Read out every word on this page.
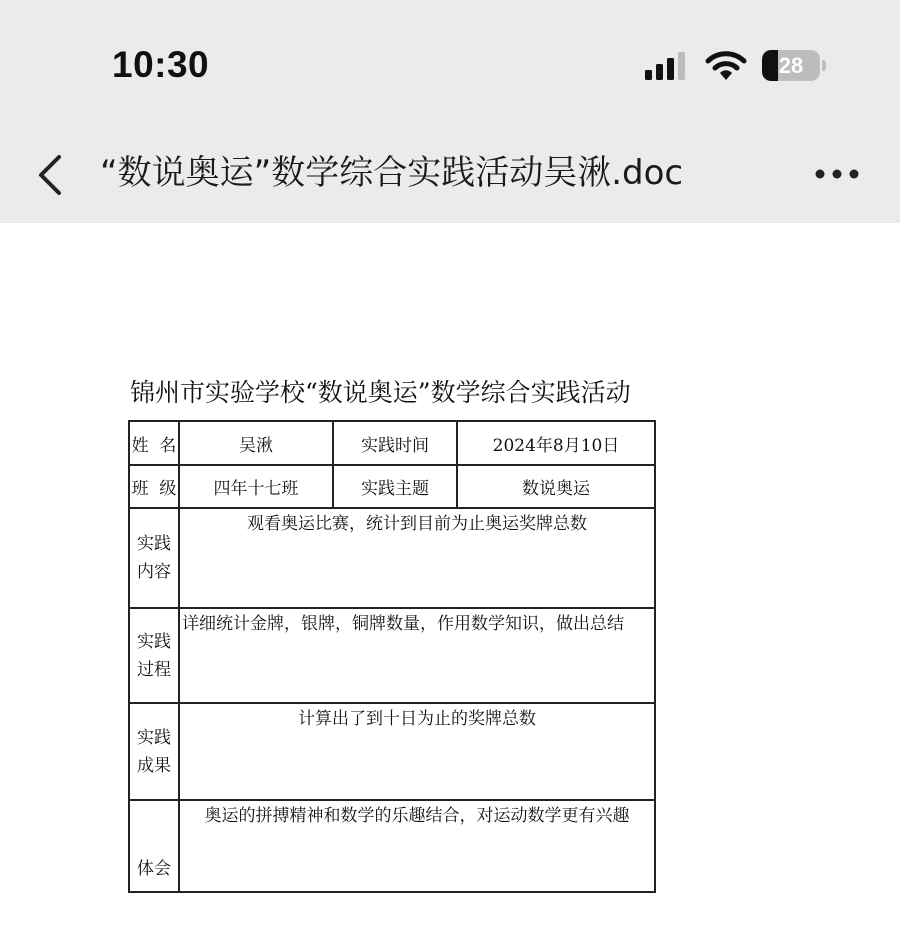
10:30	28
“数说奥运”数学综合实践活动吴湫.doc
锦州市实验学校“数说奥运”数学综合实践活动
姓  名	吴湫	实践时间	2024年8月10日
班  级	四年十七班	实践主题	数说奥运

实践
内容	观看奥运比赛，统计到目前为止奥运奖牌总数		

实践
过程	详细统计金牌，银牌，铜牌数量，作用数学知识，做出总结		

实践
成果	计算出了到十日为止的奖牌总数		

体会	奥运的拼搏精神和数学的乐趣结合，对运动数学更有兴趣		
